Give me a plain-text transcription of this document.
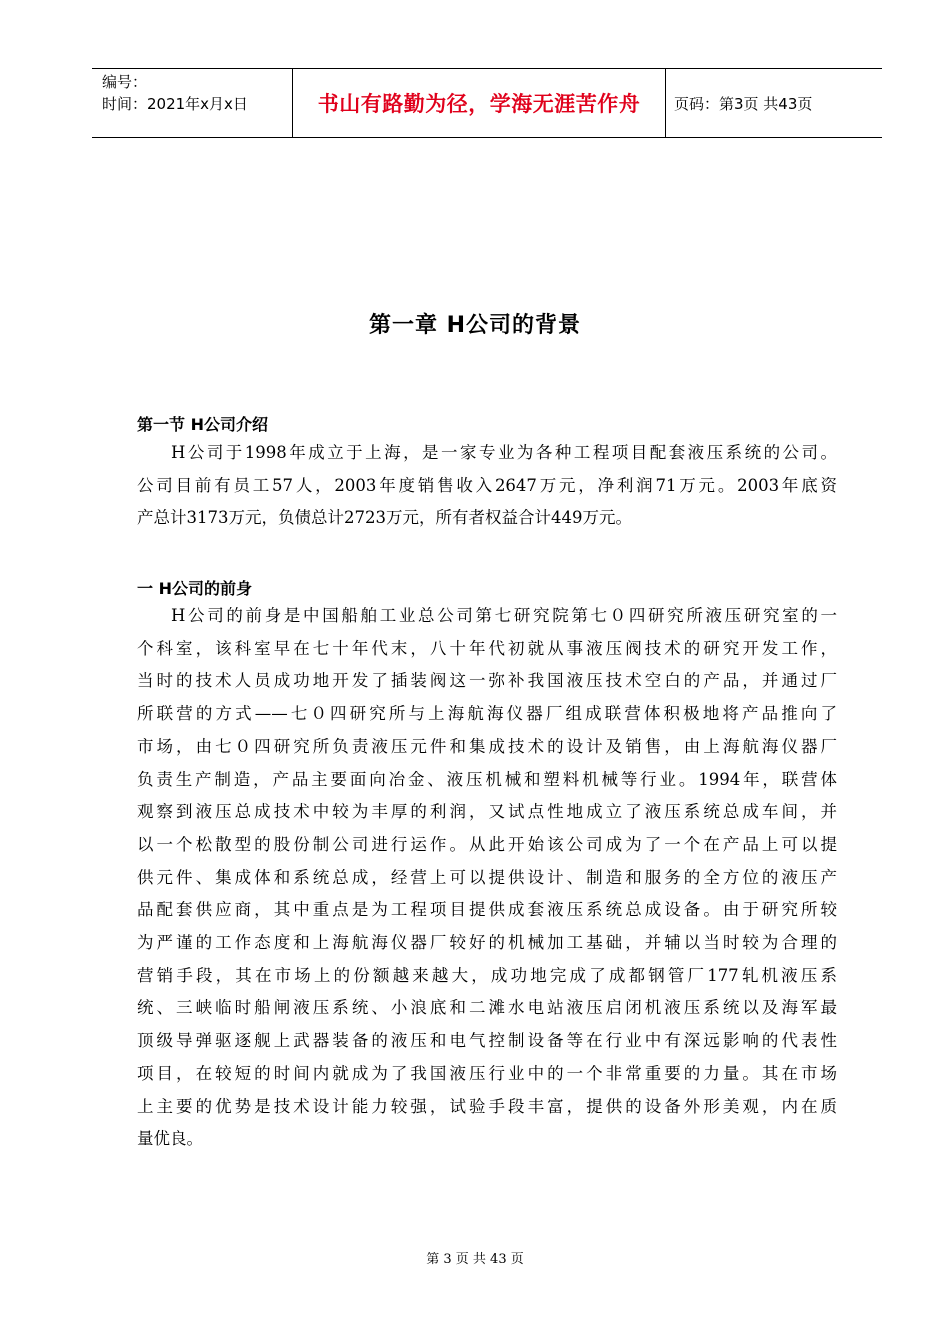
编号：
时间：2021年x月x日	书山有路勤为径，学海无涯苦作舟	页码：第3页 共43页
第一章 H公司的背景
第一节 H公司介绍
H公司于1998年成立于上海，是一家专业为各种工程项目配套液压系统的公司。
公司目前有员工57人，2003年度销售收入2647万元，净利润71万元。2003年底资
产总计3173万元，负债总计2723万元，所有者权益合计449万元。
一 H公司的前身
H公司的前身是中国船舶工业总公司第七研究院第七０四研究所液压研究室的一
个科室，该科室早在七十年代末，八十年代初就从事液压阀技术的研究开发工作，
当时的技术人员成功地开发了插装阀这一弥补我国液压技术空白的产品，并通过厂
所联营的方式——七０四研究所与上海航海仪器厂组成联营体积极地将产品推向了
市场，由七０四研究所负责液压元件和集成技术的设计及销售，由上海航海仪器厂
负责生产制造，产品主要面向冶金、液压机械和塑料机械等行业。1994年，联营体
观察到液压总成技术中较为丰厚的利润，又试点性地成立了液压系统总成车间，并
以一个松散型的股份制公司进行运作。从此开始该公司成为了一个在产品上可以提
供元件、集成体和系统总成，经营上可以提供设计、制造和服务的全方位的液压产
品配套供应商，其中重点是为工程项目提供成套液压系统总成设备。由于研究所较
为严谨的工作态度和上海航海仪器厂较好的机械加工基础，并辅以当时较为合理的
营销手段，其在市场上的份额越来越大，成功地完成了成都钢管厂177轧机液压系
统、三峡临时船闸液压系统、小浪底和二滩水电站液压启闭机液压系统以及海军最
顶级导弹驱逐舰上武器装备的液压和电气控制设备等在行业中有深远影响的代表性
项目，在较短的时间内就成为了我国液压行业中的一个非常重要的力量。其在市场
上主要的优势是技术设计能力较强，试验手段丰富，提供的设备外形美观，内在质
量优良。
第 3 页 共 43 页
